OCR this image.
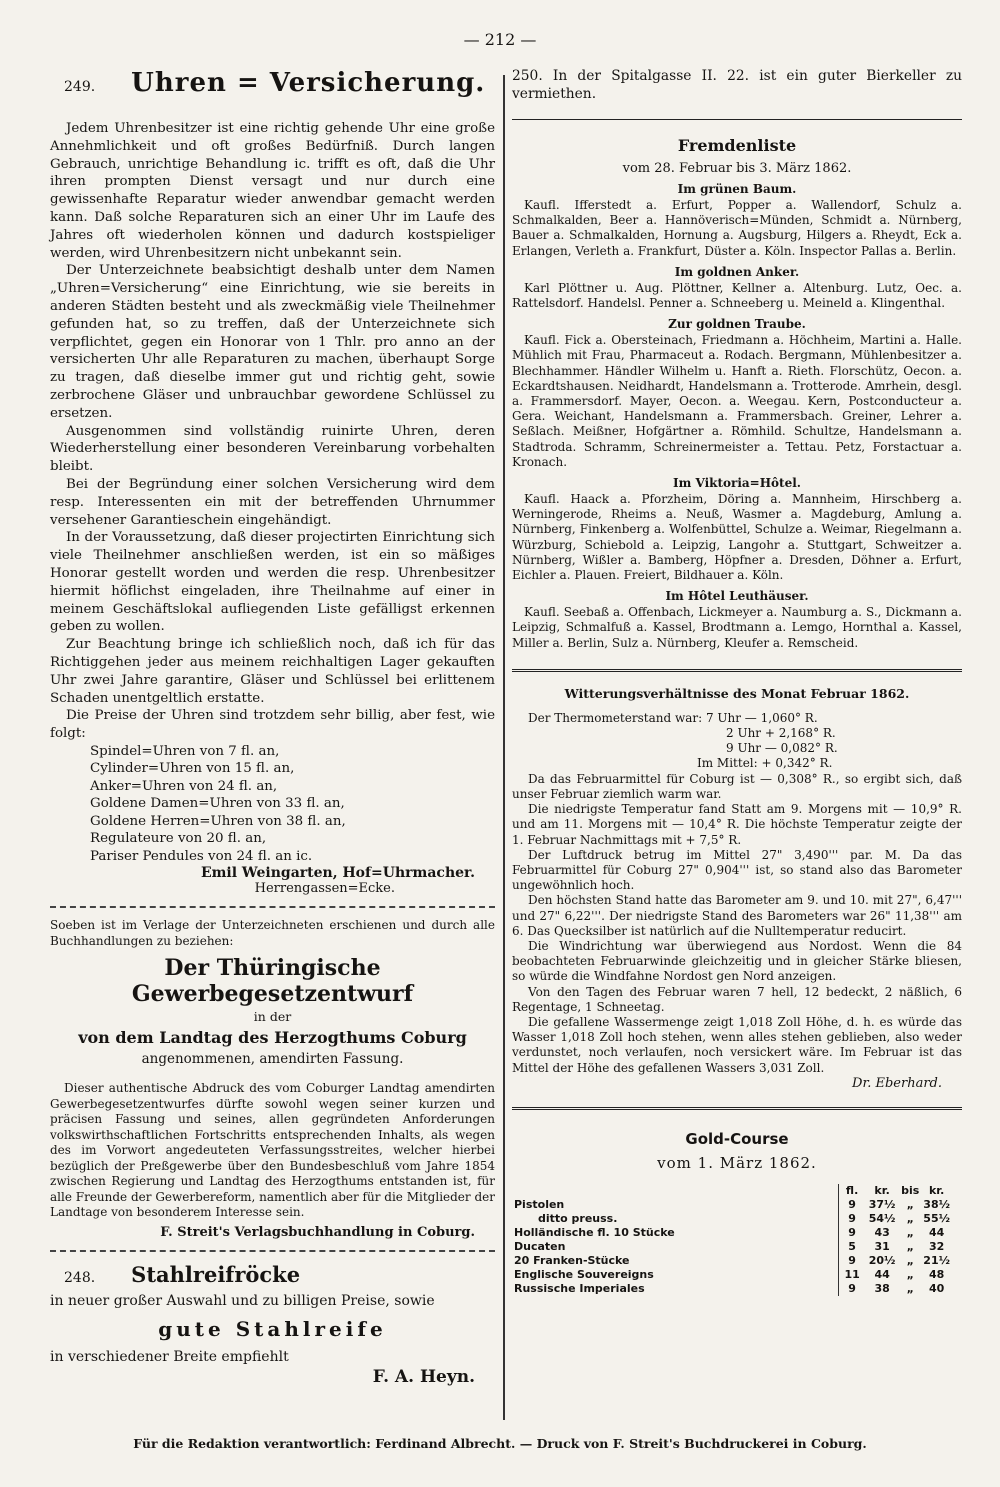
— 212 —
249. Uhren = Versicherung.

Jedem Uhrenbesitzer ist eine richtig gehende Uhr eine große Annehmlichkeit und oft großes Bedürfniß. Durch langen Gebrauch, unrichtige Behandlung ic. trifft es oft, daß die Uhr ihren prompten Dienst versagt und nur durch eine gewissenhafte Reparatur wieder anwendbar gemacht werden kann. Daß solche Reparaturen sich an einer Uhr im Laufe des Jahres oft wiederholen können und dadurch kostspieliger werden, wird Uhrenbesitzern nicht unbekannt sein.

Der Unterzeichnete beabsichtigt deshalb unter dem Namen „Uhren=Versicherung“ eine Einrichtung, wie sie bereits in anderen Städten besteht und als zweckmäßig viele Theilnehmer gefunden hat, so zu treffen, daß der Unterzeichnete sich verpflichtet, gegen ein Honorar von 1 Thlr. pro anno an der versicherten Uhr alle Reparaturen zu machen, überhaupt Sorge zu tragen, daß dieselbe immer gut und richtig geht, sowie zerbrochene Gläser und unbrauchbar gewordene Schlüssel zu ersetzen.

Ausgenommen sind vollständig ruinirte Uhren, deren Wiederherstellung einer besonderen Vereinbarung vorbehalten bleibt.

Bei der Begründung einer solchen Versicherung wird dem resp. Interessenten ein mit der betreffenden Uhrnummer versehener Garantieschein eingehändigt.

In der Voraussetzung, daß dieser projectirten Einrichtung sich viele Theilnehmer anschließen werden, ist ein so mäßiges Honorar gestellt worden und werden die resp. Uhrenbesitzer hiermit höflichst eingeladen, ihre Theilnahme auf einer in meinem Geschäftslokal aufliegenden Liste gefälligst erkennen geben zu wollen.

Zur Beachtung bringe ich schließlich noch, daß ich für das Richtiggehen jeder aus meinem reichhaltigen Lager gekauften Uhr zwei Jahre garantire, Gläser und Schlüssel bei erlittenem Schaden unentgeltlich erstatte.

Die Preise der Uhren sind trotzdem sehr billig, aber fest, wie folgt:

Spindel=Uhren von 7 fl. an,
Cylinder=Uhren von 15 fl. an,
Anker=Uhren von 24 fl. an,
Goldene Damen=Uhren von 33 fl. an,
Goldene Herren=Uhren von 38 fl. an,
Regulateure von 20 fl. an,
Pariser Pendules von 24 fl. an ic.
Emil Weingarten, Hof=Uhrmacher.
Herrengassen=Ecke.

Soeben ist im Verlage der Unterzeichneten erschienen und durch alle Buchhandlungen zu beziehen:

Der Thüringische Gewerbegesetzentwurf
in der
von dem Landtag des Herzogthums Coburg
angenommenen, amendirten Fassung.

Dieser authentische Abdruck des vom Coburger Landtag amendirten Gewerbegesetzentwurfes dürfte sowohl wegen seiner kurzen und präcisen Fassung und seines, allen gegründeten Anforderungen volkswirthschaftlichen Fortschritts entsprechenden Inhalts, als wegen des im Vorwort angedeuteten Verfassungsstreites, welcher hierbei bezüglich der Preßgewerbe über den Bundesbeschluß vom Jahre 1854 zwischen Regierung und Landtag des Herzogthums entstanden ist, für alle Freunde der Gewerbereform, namentlich aber für die Mitglieder der Landtage von besonderem Interesse sein.

F. Streit's Verlagsbuchhandlung in Coburg.
248. Stahlreifröcke
in neuer großer Auswahl und zu billigen Preise, sowie
gute Stahlreife
in verschiedener Breite empfiehlt
F. A. Heyn.

250. In der Spitalgasse II. 22. ist ein guter Bierkeller zu vermiethen.

Fremdenliste
vom 28. Februar bis 3. März 1862.
Im grünen Baum.

Kaufl. Ifferstedt a. Erfurt, Popper a. Wallendorf, Schulz a. Schmalkalden, Beer a. Hannöverisch=Münden, Schmidt a. Nürnberg, Bauer a. Schmalkalden, Hornung a. Augsburg, Hilgers a. Rheydt, Eck a. Erlangen, Verleth a. Frankfurt, Düster a. Köln. Inspector Pallas a. Berlin.

Im goldnen Anker.

Karl Plöttner u. Aug. Plöttner, Kellner a. Altenburg. Lutz, Oec. a. Rattelsdorf. Handelsl. Penner a. Schneeberg u. Meineld a. Klingenthal.

Zur goldnen Traube.

Kaufl. Fick a. Obersteinach, Friedmann a. Höchheim, Martini a. Halle. Mühlich mit Frau, Pharmaceut a. Rodach. Bergmann, Mühlenbesitzer a. Blechhammer. Händler Wilhelm u. Hanft a. Rieth. Florschütz, Oecon. a. Eckardtshausen. Neidhardt, Handelsmann a. Trotterode. Amrhein, desgl. a. Frammersdorf. Mayer, Oecon. a. Weegau. Kern, Postconducteur a. Gera. Weichant, Handelsmann a. Frammersbach. Greiner, Lehrer a. Seßlach. Meißner, Hofgärtner a. Römhild. Schultze, Handelsmann a. Stadtroda. Schramm, Schreinermeister a. Tettau. Petz, Forstactuar a. Kronach.

Im Viktoria=Hôtel.

Kaufl. Haack a. Pforzheim, Döring a. Mannheim, Hirschberg a. Werningerode, Rheims a. Neuß, Wasmer a. Magdeburg, Amlung a. Nürnberg, Finkenberg a. Wolfenbüttel, Schulze a. Weimar, Riegelmann a. Würzburg, Schiebold a. Leipzig, Langohr a. Stuttgart, Schweitzer a. Nürnberg, Wißler a. Bamberg, Höpfner a. Dresden, Döhner a. Erfurt, Eichler a. Plauen. Freiert, Bildhauer a. Köln.

Im Hôtel Leuthäuser.

Kaufl. Seebaß a. Offenbach, Lickmeyer a. Naumburg a. S., Dickmann a. Leipzig, Schmalfuß a. Kassel, Brodtmann a. Lemgo, Hornthal a. Kassel, Miller a. Berlin, Sulz a. Nürnberg, Kleufer a. Remscheid.

Witterungsverhältnisse des Monat Februar 1862.
Der Thermometerstand war: 7 Uhr — 1,060° R.
2 Uhr + 2,168° R.
9 Uhr — 0,082° R.
Im Mittel: + 0,342° R.

Da das Februarmittel für Coburg ist — 0,308° R., so ergibt sich, daß unser Februar ziemlich warm war.

Die niedrigste Temperatur fand Statt am 9. Morgens mit — 10,9° R. und am 11. Morgens mit — 10,4° R. Die höchste Temperatur zeigte der 1. Februar Nachmittags mit + 7,5° R.

Der Luftdruck betrug im Mittel 27" 3,490''' par. M. Da das Februarmittel für Coburg 27" 0,904''' ist, so stand also das Barometer ungewöhnlich hoch.

Den höchsten Stand hatte das Barometer am 9. und 10. mit 27", 6,47''' und 27" 6,22'''. Der niedrigste Stand des Barometers war 26" 11,38''' am 6. Das Quecksilber ist natürlich auf die Nulltemperatur reducirt.

Die Windrichtung war überwiegend aus Nordost. Wenn die 84 beobachteten Februarwinde gleichzeitig und in gleicher Stärke bliesen, so würde die Windfahne Nordost gen Nord anzeigen.

Von den Tagen des Februar waren 7 hell, 12 bedeckt, 2 näßlich, 6 Regentage, 1 Schneetag.

Die gefallene Wassermenge zeigt 1,018 Zoll Höhe, d. h. es würde das Wasser 1,018 Zoll hoch stehen, wenn alles stehen geblieben, also weder verdunstet, noch verlaufen, noch versickert wäre. Im Februar ist das Mittel der Höhe des gefallenen Wassers 3,031 Zoll.

Dr. Eberhard.
Gold-Course
vom 1. März 1862.
	fl.	kr.	bis	kr.
Pistolen	9	37½	„	38½
ditto preuss.	9	54½	„	55½
Holländische fl. 10 Stücke	9	43	„	44
Ducaten	5	31	„	32
20 Franken-Stücke	9	20½	„	21½
Englische Souvereigns	11	44	„	48
Russische Imperiales	9	38	„	40
Für die Redaktion verantwortlich: Ferdinand Albrecht. — Druck von F. Streit's Buchdruckerei in Coburg.
